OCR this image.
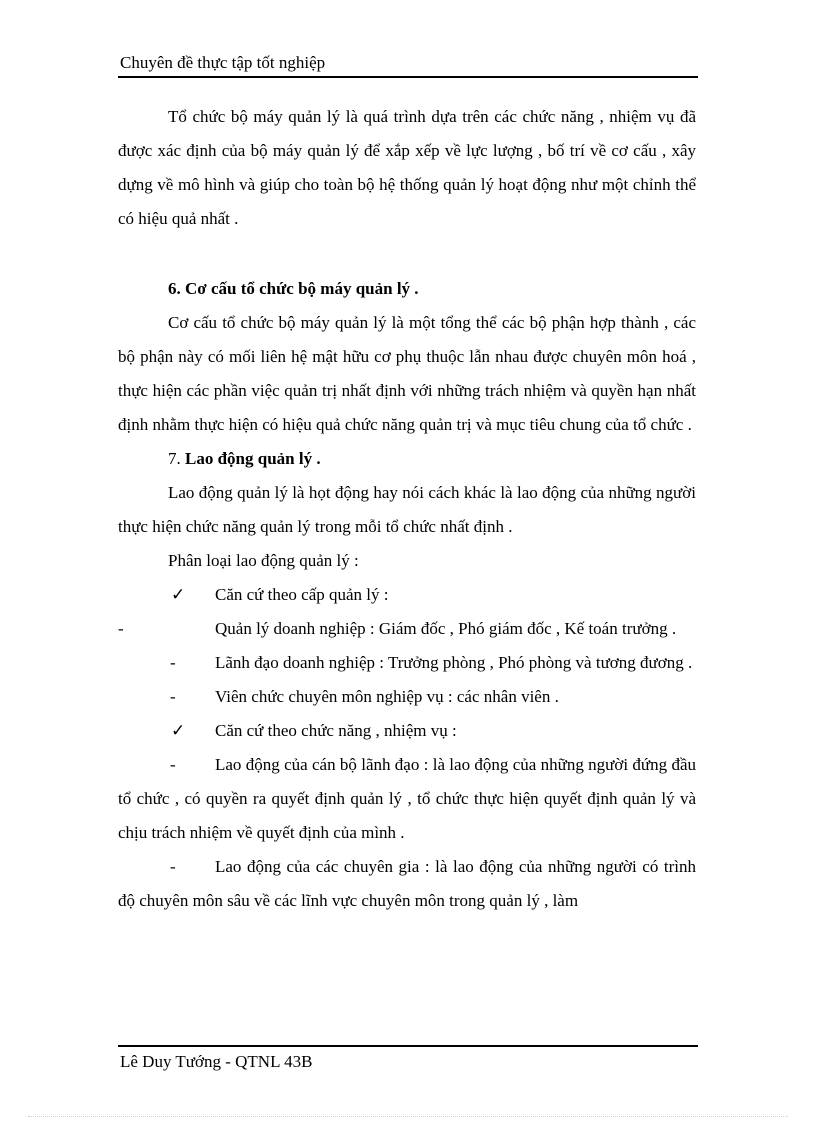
Chuyên đề thực tập tốt nghiệp

Tổ chức bộ máy quản lý là quá trình dựa trên các chức năng , nhiệm vụ đã được xác định của bộ máy quản lý để xắp xếp về lực lượng , bố trí về cơ cấu , xây dựng về mô hình và giúp cho toàn bộ hệ thống quản lý hoạt động như một chỉnh thể có hiệu quả nhất .

6. Cơ cấu tổ chức bộ máy quản lý .

Cơ cấu tổ chức bộ máy quản lý là một tổng thể các bộ phận hợp thành , các bộ phận này có mối liên hệ mật hữu cơ phụ thuộc lẫn nhau được chuyên môn hoá , thực hiện các phần việc quản trị nhất định với những trách nhiệm và quyền hạn nhất định nhằm thực hiện có hiệu quả chức năng quản trị và mục tiêu chung của tổ chức .

7. Lao động quản lý .

Lao động quản lý là họt động hay nói cách khác là lao động của những người thực hiện chức năng quản lý trong mỗi tổ chức nhất định .

Phân loại lao động quản lý :

✓ Căn cứ theo cấp quản lý :

-	Quản lý doanh nghiệp : Giám đốc , Phó giám đốc , Kế toán trưởng .

- Lãnh đạo doanh nghiệp : Trưởng phòng , Phó phòng và tương đương .

- Viên chức chuyên môn nghiệp vụ : các nhân viên .

✓ Căn cứ theo chức năng , nhiệm vụ :

- Lao động của cán bộ lãnh đạo : là lao động của những người đứng đầu tổ chức , có quyền ra quyết định quản lý , tổ chức thực hiện quyết định quản lý và chịu trách nhiệm về quyết định của mình .

- Lao động của các chuyên gia : là lao động của những người có trình độ chuyên môn sâu về các lĩnh vực chuyên môn trong quản lý , làm

Lê Duy Tướng - QTNL 43B
